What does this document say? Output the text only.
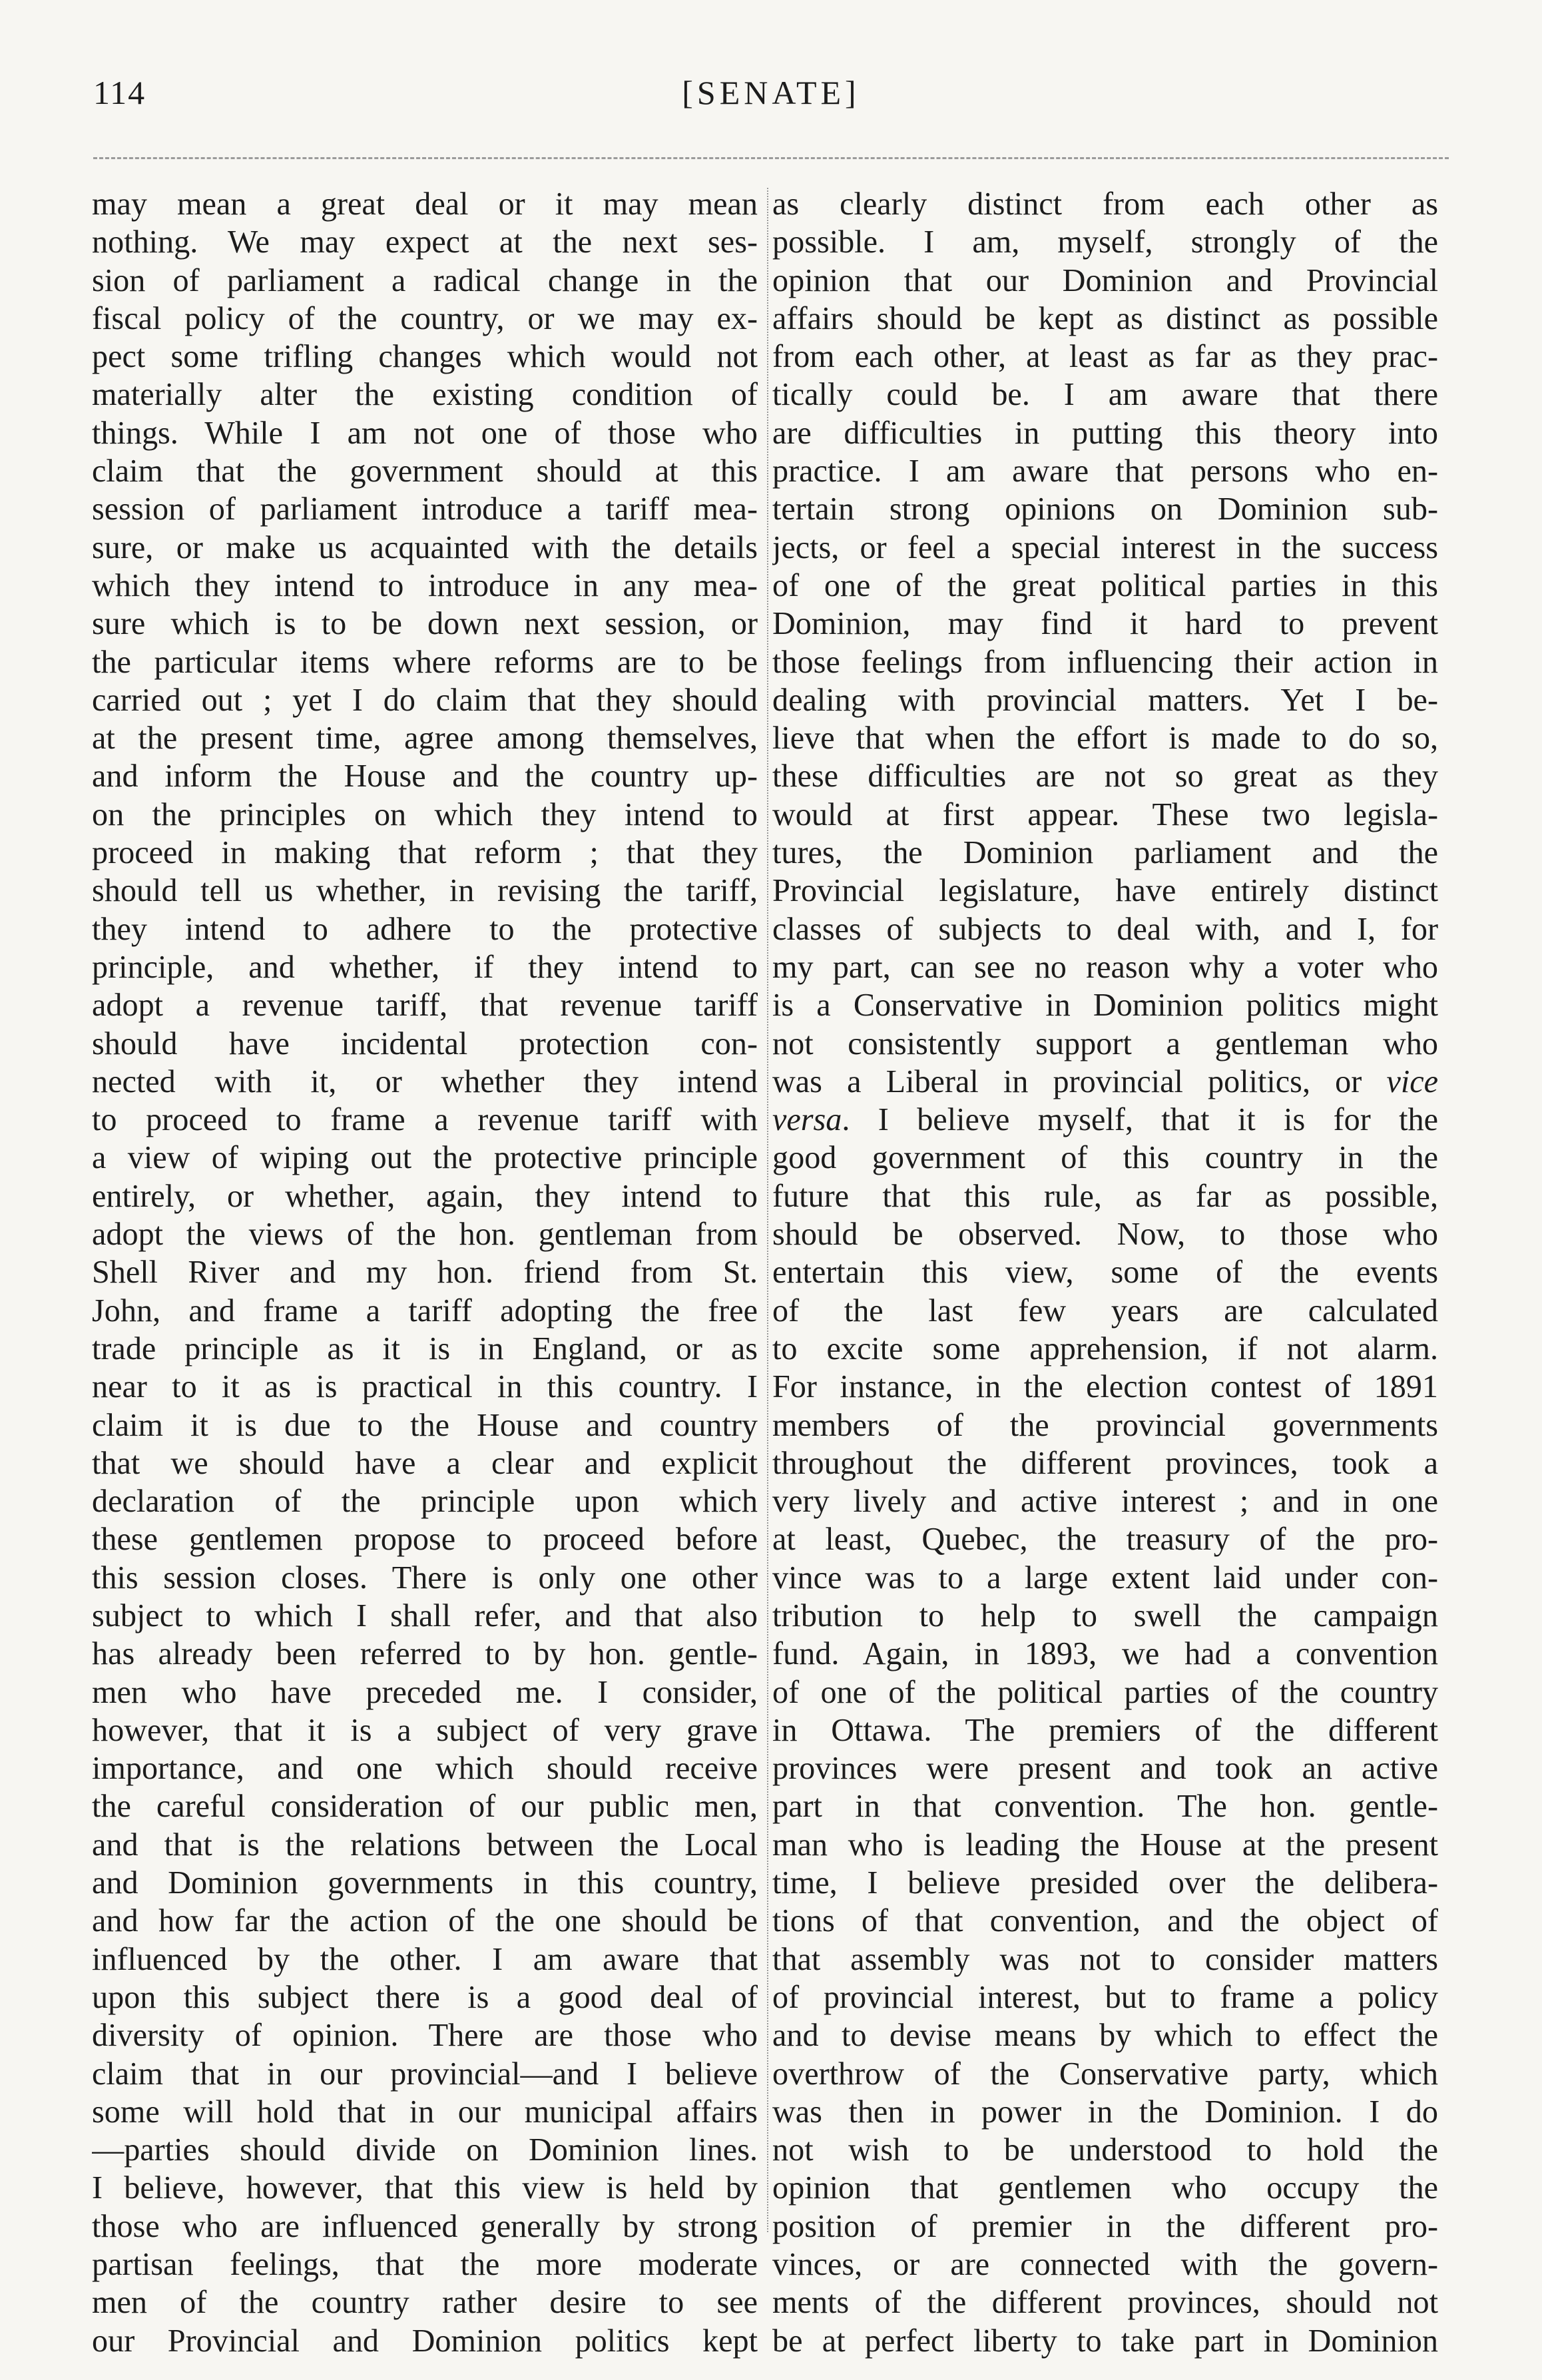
114	[SENATE]
may mean a great deal or it may mean
nothing. We may expect at the next ses-
sion of parliament a radical change in the
fiscal policy of the country, or we may ex-
pect some trifling changes which would not
materially alter the existing condition of
things. While I am not one of those who
claim that the government should at this
session of parliament introduce a tariff mea-
sure, or make us acquainted with the details
which they intend to introduce in any mea-
sure which is to be down next session, or
the particular items where reforms are to be
carried out ; yet I do claim that they should
at the present time, agree among themselves,
and inform the House and the country up-
on the principles on which they intend to
proceed in making that reform ; that they
should tell us whether, in revising the tariff,
they intend to adhere to the protective
principle, and whether, if they intend to
adopt a revenue tariff, that revenue tariff
should have incidental protection con-
nected with it, or whether they intend
to proceed to frame a revenue tariff with
a view of wiping out the protective principle
entirely, or whether, again, they intend to
adopt the views of the hon. gentleman from
Shell River and my hon. friend from St.
John, and frame a tariff adopting the free
trade principle as it is in England, or as
near to it as is practical in this country. I
claim it is due to the House and country
that we should have a clear and explicit
declaration of the principle upon which
these gentlemen propose to proceed before
this session closes. There is only one other
subject to which I shall refer, and that also
has already been referred to by hon. gentle-
men who have preceded me. I consider,
however, that it is a subject of very grave
importance, and one which should receive
the careful consideration of our public men,
and that is the relations between the Local
and Dominion governments in this country,
and how far the action of the one should be
influenced by the other. I am aware that
upon this subject there is a good deal of
diversity of opinion. There are those who
claim that in our provincial—and I believe
some will hold that in our municipal affairs
—parties should divide on Dominion lines.
I believe, however, that this view is held by
those who are influenced generally by strong
partisan feelings, that the more moderate
men of the country rather desire to see
our Provincial and Dominion politics kept
as clearly distinct from each other as
possible. I am, myself, strongly of the
opinion that our Dominion and Provincial
affairs should be kept as distinct as possible
from each other, at least as far as they prac-
tically could be. I am aware that there
are difficulties in putting this theory into
practice. I am aware that persons who en-
tertain strong opinions on Dominion sub-
jects, or feel a special interest in the success
of one of the great political parties in this
Dominion, may find it hard to prevent
those feelings from influencing their action in
dealing with provincial matters. Yet I be-
lieve that when the effort is made to do so,
these difficulties are not so great as they
would at first appear. These two legisla-
tures, the Dominion parliament and the
Provincial legislature, have entirely distinct
classes of subjects to deal with, and I, for
my part, can see no reason why a voter who
is a Conservative in Dominion politics might
not consistently support a gentleman who
was a Liberal in provincial politics, or vice
versa. I believe myself, that it is for the
good government of this country in the
future that this rule, as far as possible,
should be observed. Now, to those who
entertain this view, some of the events
of the last few years are calculated
to excite some apprehension, if not alarm.
For instance, in the election contest of 1891
members of the provincial governments
throughout the different provinces, took a
very lively and active interest ; and in one
at least, Quebec, the treasury of the pro-
vince was to a large extent laid under con-
tribution to help to swell the campaign
fund. Again, in 1893, we had a convention
of one of the political parties of the country
in Ottawa. The premiers of the different
provinces were present and took an active
part in that convention. The hon. gentle-
man who is leading the House at the present
time, I believe presided over the delibera-
tions of that convention, and the object of
that assembly was not to consider matters
of provincial interest, but to frame a policy
and to devise means by which to effect the
overthrow of the Conservative party, which
was then in power in the Dominion. I do
not wish to be understood to hold the
opinion that gentlemen who occupy the
position of premier in the different pro-
vinces, or are connected with the govern-
ments of the different provinces, should not
be at perfect liberty to take part in Dominion
